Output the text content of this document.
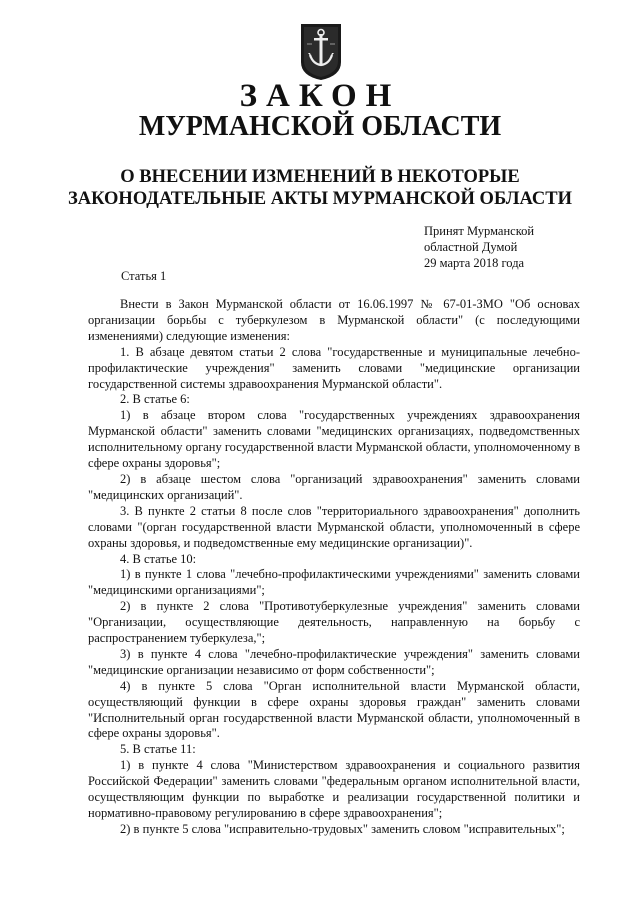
ЗАКОН
МУРМАНСКОЙ ОБЛАСТИ
О ВНЕСЕНИИ ИЗМЕНЕНИЙ В НЕКОТОРЫЕ
ЗАКОНОДАТЕЛЬНЫЕ АКТЫ МУРМАНСКОЙ ОБЛАСТИ
Принят Мурманской
областной Думой
29 марта 2018 года
Статья 1

Внести в Закон Мурманской области от 16.06.1997 № 67-01-ЗМО "Об основах организации борьбы с туберкулезом в Мурманской области" (с последующими изменениями) следующие изменения:

1. В абзаце девятом статьи 2 слова "государственные и муниципальные лечебно-профилактические учреждения" заменить словами "медицинские организации государственной системы здравоохранения Мурманской области".

2. В статье 6:

1) в абзаце втором слова "государственных учреждениях здравоохранения Мурманской области" заменить словами "медицинских организациях, подведомственных исполнительному органу государственной власти Мурманской области, уполномоченному в сфере охраны здоровья";

2) в абзаце шестом слова "организаций здравоохранения" заменить словами "медицинских организаций".

3. В пункте 2 статьи 8 после слов "территориального здравоохранения" дополнить словами "(орган государственной власти Мурманской области, уполномоченный в сфере охраны здоровья, и подведомственные ему медицинские организации)".

4. В статье 10:

1) в пункте 1 слова "лечебно-профилактическими учреждениями" заменить словами "медицинскими организациями";

2) в пункте 2 слова "Противотуберкулезные учреждения" заменить словами "Организации, осуществляющие деятельность, направленную на борьбу с распространением туберкулеза,";

3) в пункте 4 слова "лечебно-профилактические учреждения" заменить словами "медицинские организации независимо от форм собственности";

4) в пункте 5 слова "Орган исполнительной власти Мурманской области, осуществляющий функции в сфере охраны здоровья граждан" заменить словами "Исполнительный орган государственной власти Мурманской области, уполномоченный в сфере охраны здоровья".

5. В статье 11:

1) в пункте 4 слова "Министерством здравоохранения и социального развития Российской Федерации" заменить словами "федеральным органом исполнительной власти, осуществляющим функции по выработке и реализации государственной политики и нормативно-правовому регулированию в сфере здравоохранения";

2) в пункте 5 слова "исправительно-трудовых" заменить словом "исправительных";
